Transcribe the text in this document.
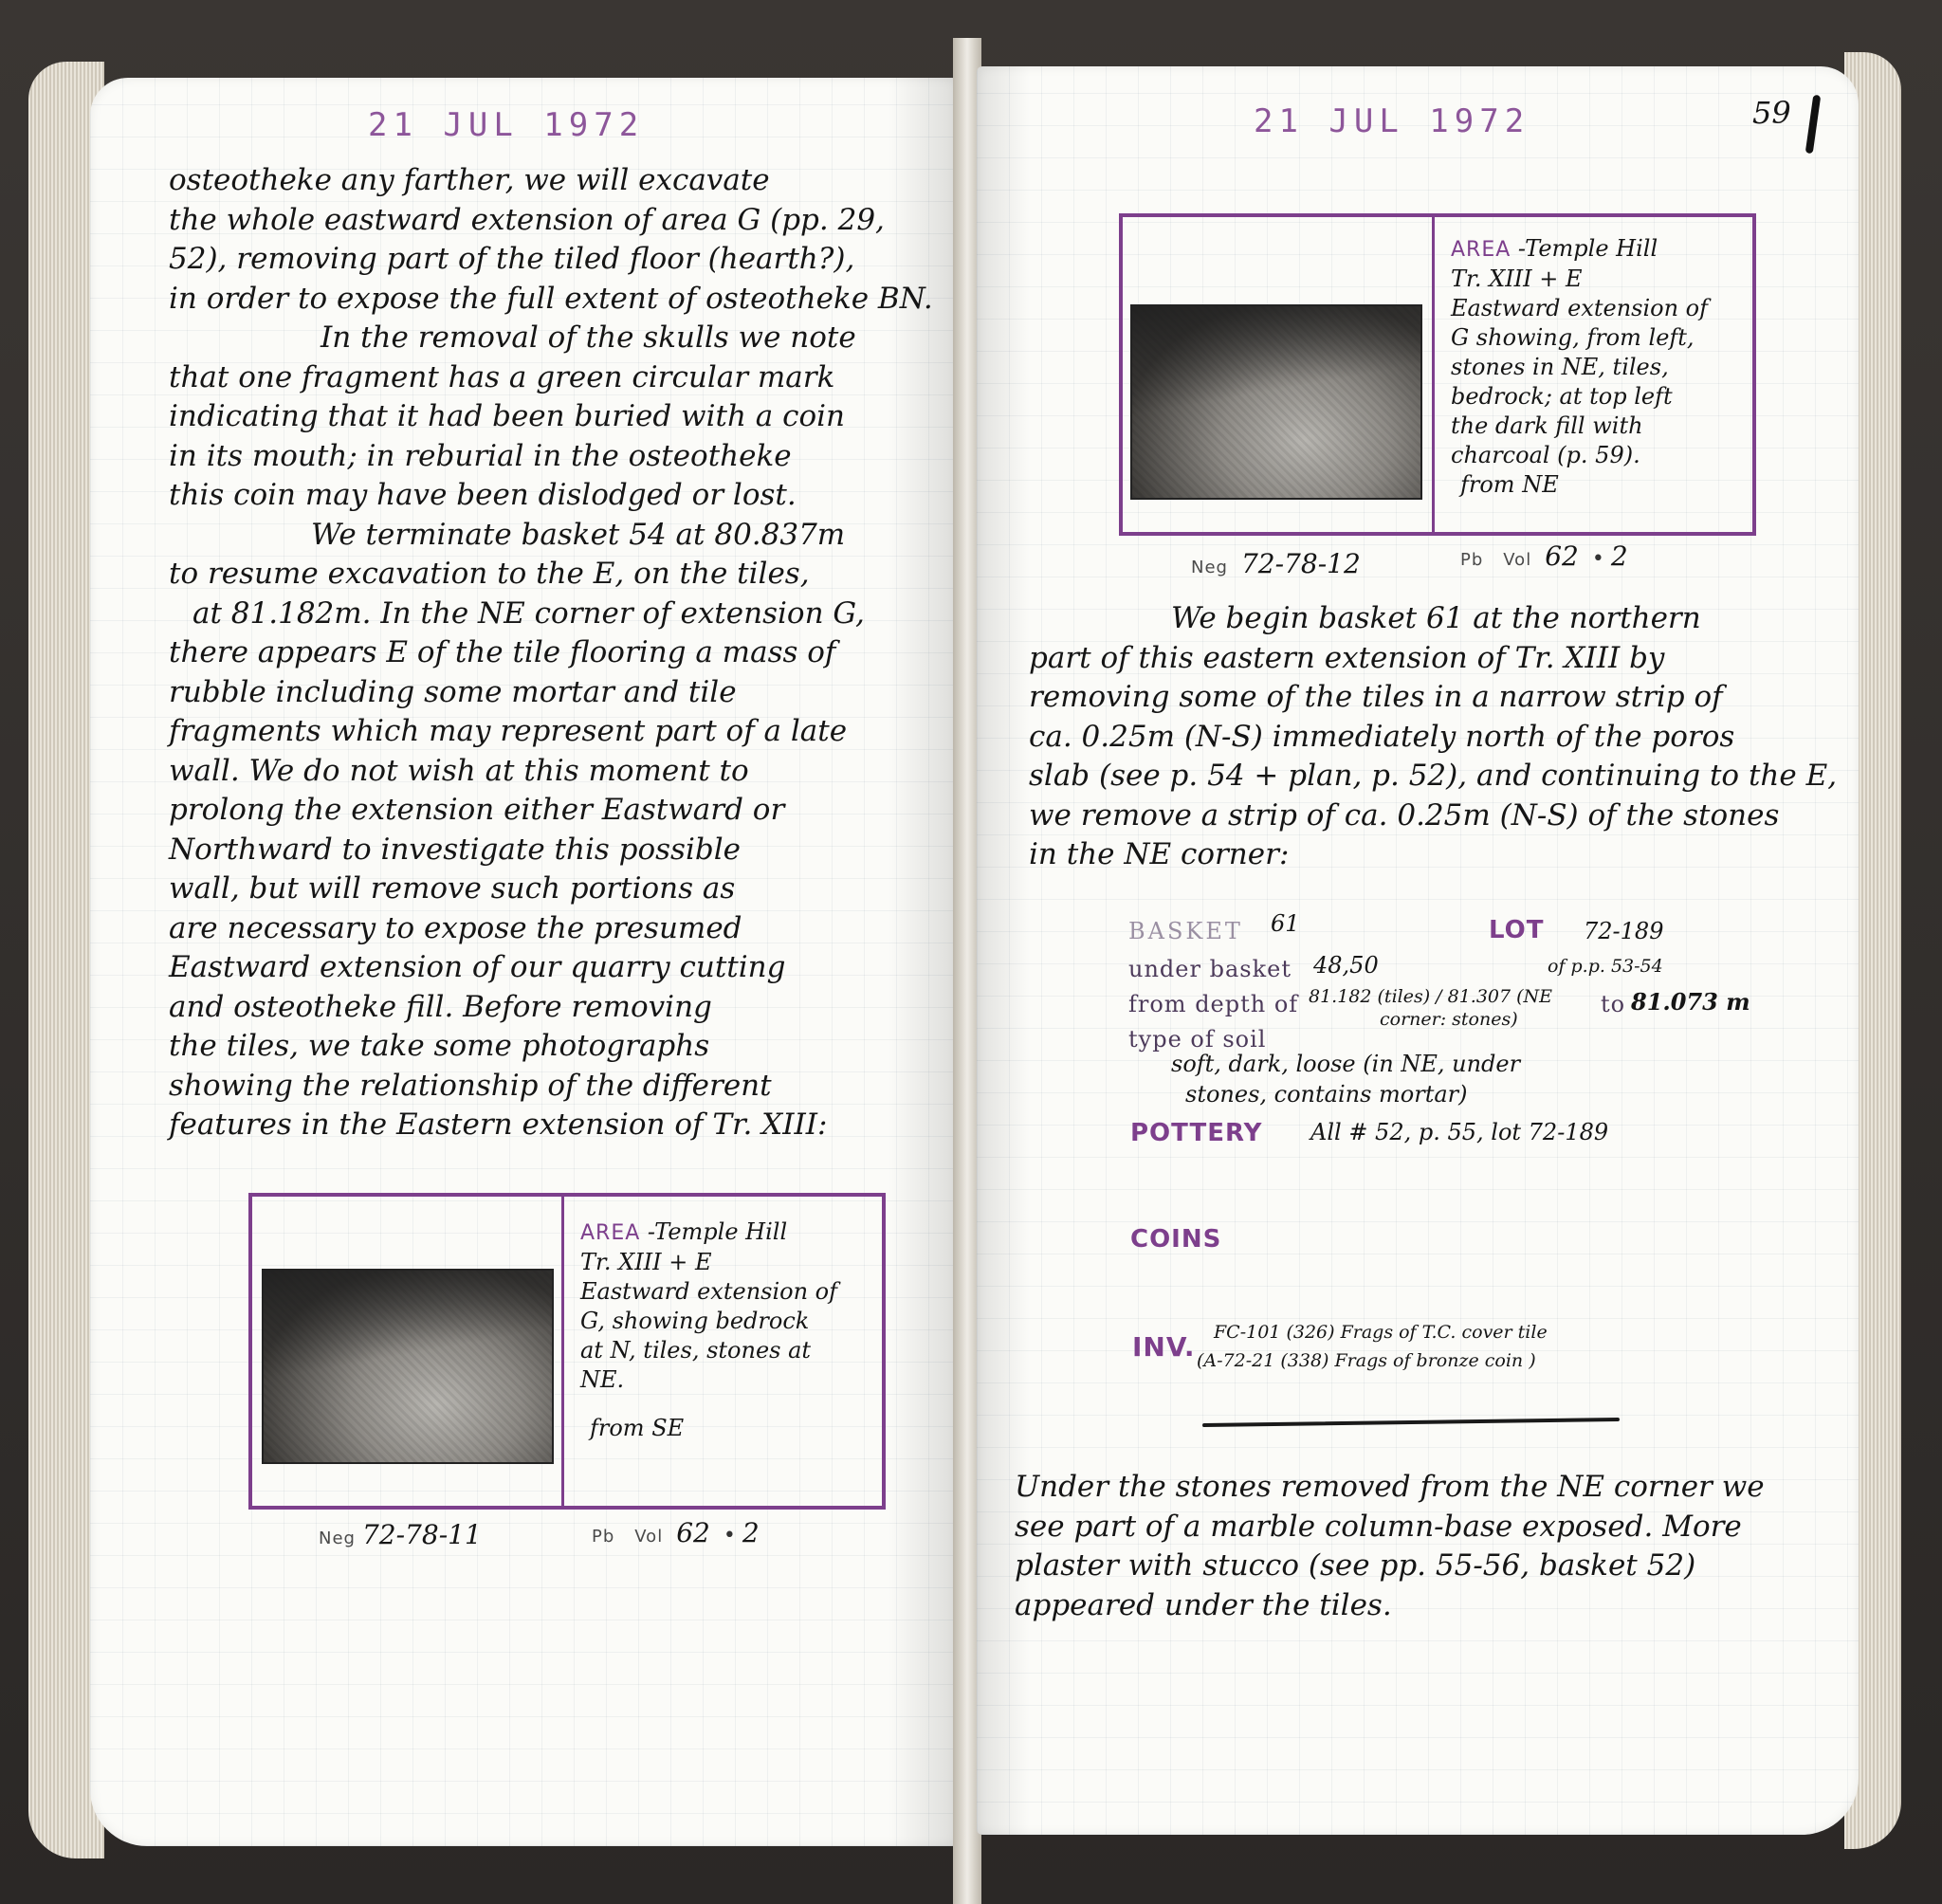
21 JUL 1972
osteotheke any farther, we will excavate
the whole eastward extension of area G (pp. 29,
52), removing part of the tiled floor (hearth?),
in order to expose the full extent of osteotheke BN.
In the removal of the skulls we note
that one fragment has a green circular mark
indicating that it had been buried with a coin
in its mouth; in reburial in the osteotheke
this coin may have been dislodged or lost.
We terminate basket 54 at 80.837m
to resume excavation to the E, on the tiles,
at 81.182m. In the NE corner of extension G,
there appears E of the tile flooring a mass of
rubble including some mortar and tile
fragments which may represent part of a late
wall. We do not wish at this moment to
prolong the extension either Eastward or
Northward to investigate this possible
wall, but will remove such portions as
are necessary to expose the presumed
Eastward extension of our quarry cutting
and osteotheke fill. Before removing
the tiles, we take some photographs
showing the relationship of the different
features in the Eastern extension of Tr. XIII:
AREA -Temple Hill
Tr. XIII + E
Eastward extension of
G, showing bedrock
at N, tiles, stones at
NE.
from SE
Neg 72-78-11	Pb Vol 62  • 2
21 JUL 1972	59
AREA -Temple Hill
Tr. XIII + E
Eastward extension of
G showing, from left,
stones in NE, tiles,
bedrock; at top left
the dark fill with
charcoal (p. 59).
from NE
Neg 72-78-12	Pb Vol 62  • 2
We begin basket 61 at the northern
part of this eastern extension of Tr. XIII by
removing some of the tiles in a narrow strip of
ca. 0.25m (N-S) immediately north of the poros
slab (see p. 54 + plan, p. 52), and continuing to the E,
we remove a strip of ca. 0.25m (N-S) of the stones
in the NE corner:
BASKET 61	LOT 72-189
of p.p. 53-54
under basket 48,50
from depth of 81.182 (tiles) / 81.307 (NE
corner: stones)
to 81.073 m
type of soil
soft, dark, loose (in NE, under
stones, contains mortar)
POTTERY All # 52, p. 55, lot 72-189
COINS
INV. FC-101 (326) Frags of T.C. cover tile
(A-72-21 (338) Frags of bronze coin )
Under the stones removed from the NE corner we
see part of a marble column-base exposed. More
plaster with stucco (see pp. 55-56, basket 52)
appeared under the tiles.
